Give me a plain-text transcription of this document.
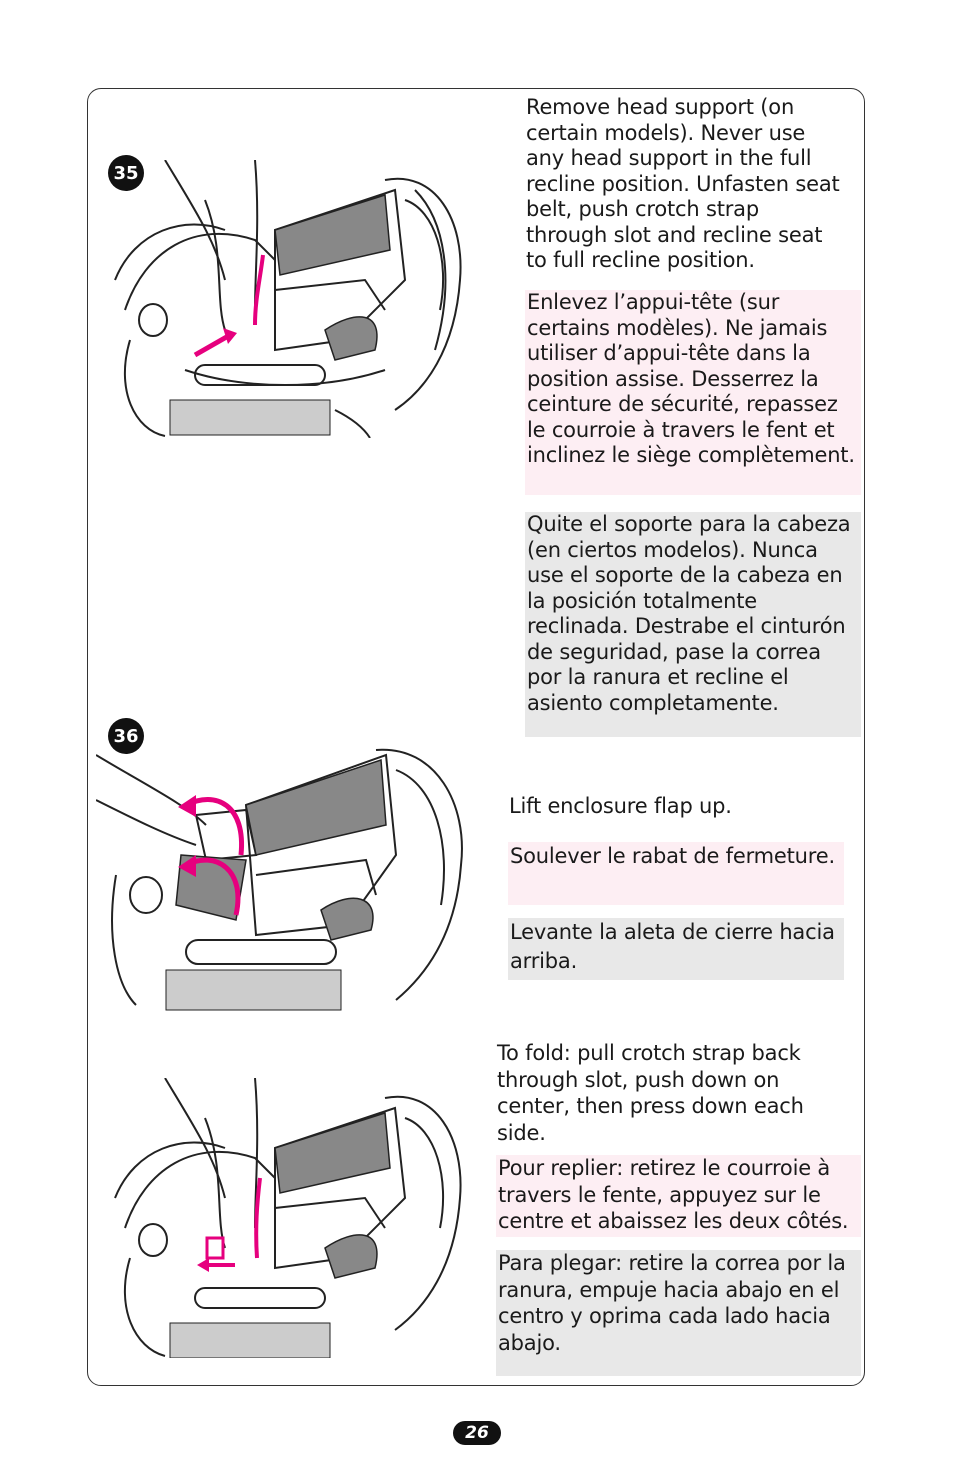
35
Remove head support (on certain models). Never use any head support in the full recline position. Unfasten seat belt, push crotch strap through slot and recline seat to full recline position.
Enlevez l’appui-tête (sur certains modèles). Ne jamais utiliser d’appui-tête dans la position assise. Desserrez la ceinture de sécurité, repassez le courroie à travers le fent et inclinez le siège complètement.
Quite el soporte para la cabeza (en ciertos modelos). Nunca use el soporte de la cabeza en la posición totalmente reclinada. Destrabe el cinturón de seguridad, pase la correa por la ranura et recline el asiento completamente.
36
Lift enclosure flap up.
Soulever le rabat de fermeture.
Levante la aleta de cierre hacia arriba.
To fold: pull crotch strap back through slot, push down on center, then press down each side.
Pour replier: retirez le courroie à travers le fente, appuyez sur le centre et abaissez les deux côtés.
Para plegar: retire la correa por la ranura, empuje hacia abajo en el centro y oprima cada lado hacia abajo.
26
